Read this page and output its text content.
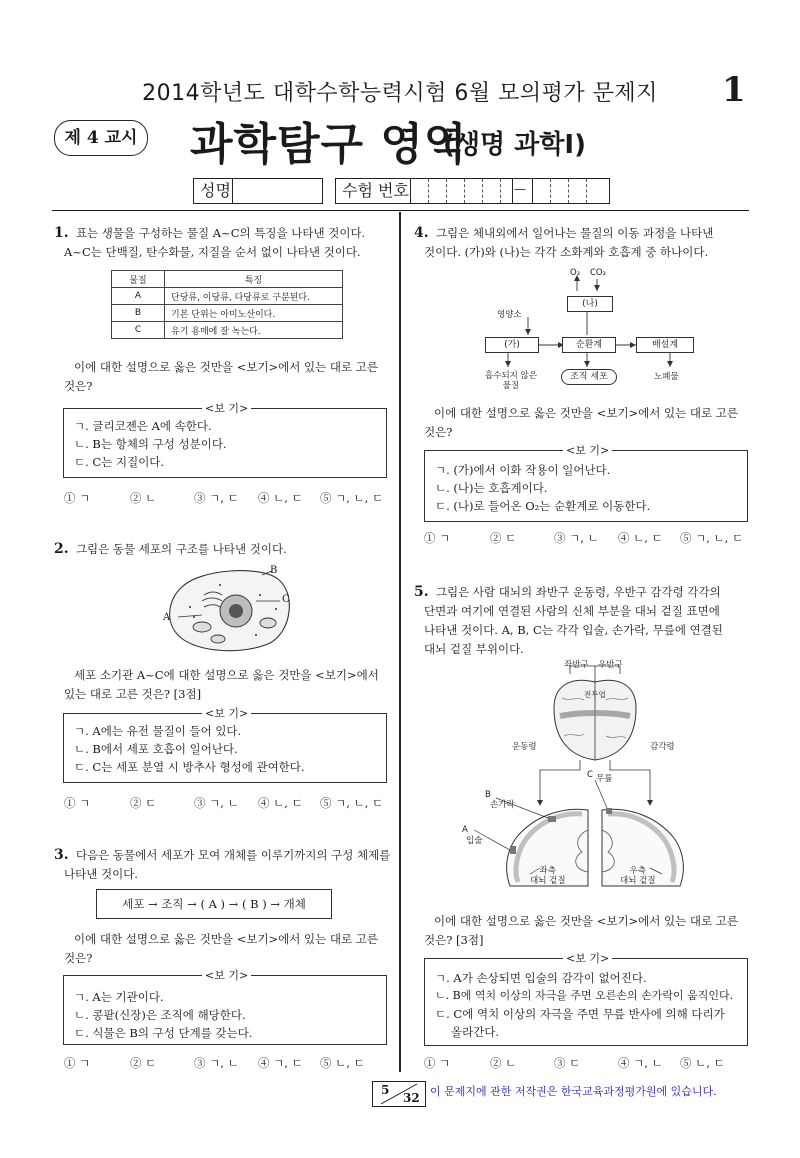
2014학년도 대학수학능력시험 6월 모의평가 문제지	1
제 4 교시 과학탐구 영역
(생명 과학Ⅰ)
성명	수험 번호	—
1. 표는 생물을 구성하는 물질 A~C의 특징을 나타낸 것이다.
A~C는 단백질, 탄수화물, 지질을 순서 없이 나타낸 것이다.
물질	특징
A	단당류, 이당류, 다당류로 구분된다.
B	기본 단위는 아미노산이다.
C	유기 용매에 잘 녹는다.
이에 대한 설명으로 옳은 것만을 <보기>에서 있는 대로 고른
것은?
<보 기>
ㄱ. 글리코젠은 A에 속한다.
ㄴ. B는 항체의 구성 성분이다.
ㄷ. C는 지질이다.
① ㄱ	② ㄴ	③ ㄱ, ㄷ ④ ㄴ, ㄷ ⑤ ㄱ, ㄴ, ㄷ
2. 그림은 동물 세포의 구조를 나타낸 것이다.
B
C
A
세포 소기관 A~C에 대한 설명으로 옳은 것만을 <보기>에서
있는 대로 고른 것은? [3점]
<보 기>
ㄱ. A에는 유전 물질이 들어 있다.
ㄴ. B에서 세포 호흡이 일어난다.
ㄷ. C는 세포 분열 시 방추사 형성에 관여한다.
① ㄱ	② ㄷ	③ ㄱ, ㄴ ④ ㄴ, ㄷ ⑤ ㄱ, ㄴ, ㄷ
3. 다음은 동물에서 세포가 모여 개체를 이루기까지의 구성 체제를
나타낸 것이다.
세포 → 조직 → ( A ) → ( B ) → 개체
이에 대한 설명으로 옳은 것만을 <보기>에서 있는 대로 고른
것은?
<보 기>
ㄱ. A는 기관이다.
ㄴ. 콩팥(신장)은 조직에 해당한다.
ㄷ. 식물은 B의 구성 단계를 갖는다.
① ㄱ	② ㄷ	③ ㄱ, ㄴ ④ ㄱ, ㄷ ⑤ ㄴ, ㄷ
4. 그림은 체내외에서 일어나는 물질의 이동 과정을 나타낸
것이다. (가)와 (나)는 각각 소화계와 호흡계 중 하나이다.
O₂ CO₂
(나)
영양소
(가)	순환계	배설계
흡수되지 않은
물질
조직 세포	노폐물
이에 대한 설명으로 옳은 것만을 <보기>에서 있는 대로 고른
것은?
<보 기>
ㄱ. (가)에서 이화 작용이 일어난다.
ㄴ. (나)는 호흡계이다.
ㄷ. (나)로 들어온 O₂는 순환계로 이동한다.
① ㄱ	② ㄷ	③ ㄱ, ㄴ ④ ㄴ, ㄷ ⑤ ㄱ, ㄴ, ㄷ
5. 그림은 사람 대뇌의 좌반구 운동령, 우반구 감각령 각각의
단면과 여기에 연결된 사람의 신체 부분을 대뇌 겉질 표면에
나타낸 것이다. A, B, C는 각각 입술, 손가락, 무릎에 연결된
대뇌 겉질 부위이다.
좌반구 우반구
전두엽
운동령	감각령
C 무릎
B
손가락
A
입술
좌측
대뇌 겉질
우측
대뇌 겉질
이에 대한 설명으로 옳은 것만을 <보기>에서 있는 대로 고른
것은? [3점]
<보 기>
ㄱ. A가 손상되면 입술의 감각이 없어진다.
ㄴ. B에 역치 이상의 자극을 주면 오른손의 손가락이 움직인다.
ㄷ. C에 역치 이상의 자극을 주면 무릎 반사에 의해 다리가
올라간다.
① ㄱ	② ㄴ	③ ㄷ	④ ㄱ, ㄴ ⑤ ㄴ, ㄷ
5
32 이 문제지에 관한 저작권은 한국교육과정평가원에 있습니다.
